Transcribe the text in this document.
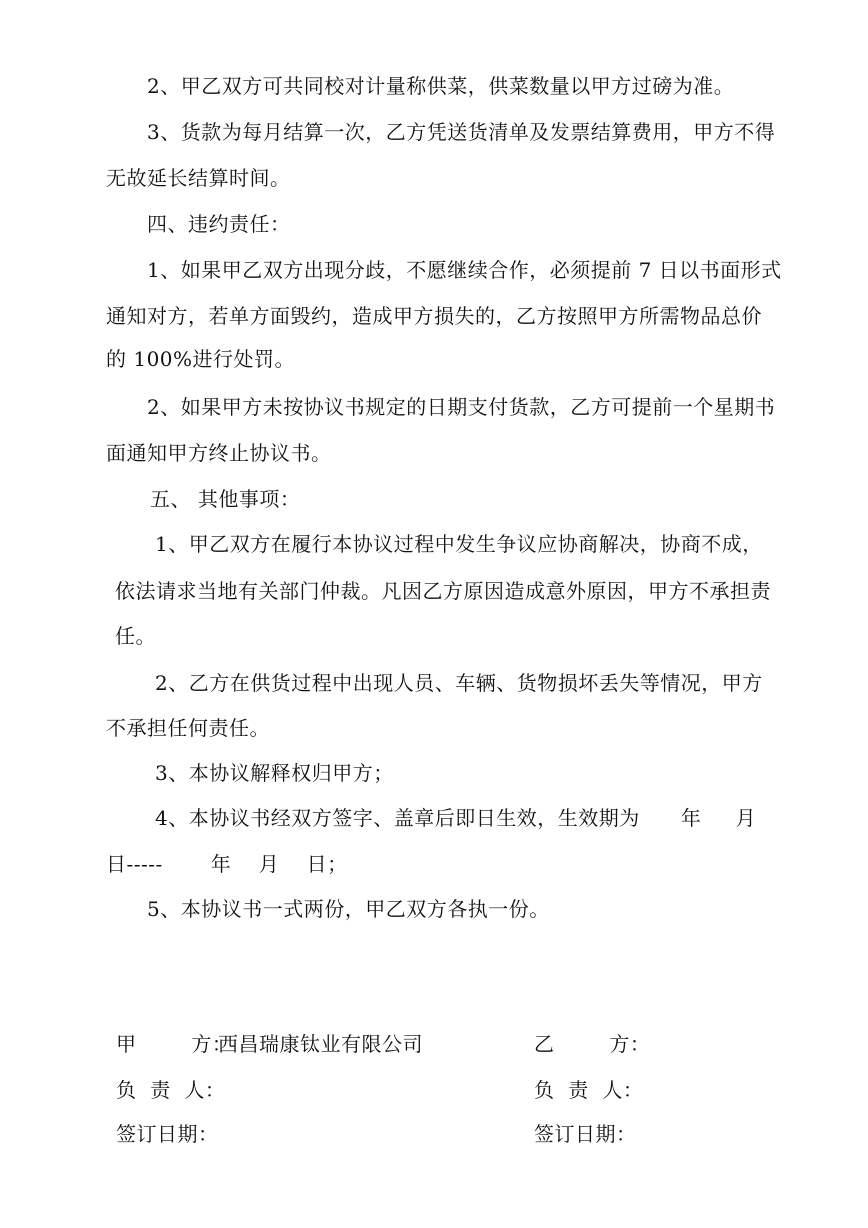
2、甲乙双方可共同校对计量称供菜，供菜数量以甲方过磅为准。
3、货款为每月结算一次，乙方凭送货清单及发票结算费用，甲方不得
无故延长结算时间。
四、违约责任：
1、如果甲乙双方出现分歧，不愿继续合作，必须提前 7 日以书面形式
通知对方，若单方面毁约，造成甲方损失的，乙方按照甲方所需物品总价
的 100%进行处罚。
2、如果甲方未按协议书规定的日期支付货款，乙方可提前一个星期书
面通知甲方终止协议书。
五、 其他事项：
1、甲乙双方在履行本协议过程中发生争议应协商解决，协商不成，
依法请求当地有关部门仲裁。凡因乙方原因造成意外原因，甲方不承担责
任。
2、乙方在供货过程中出现人员、车辆、货物损坏丢失等情况，甲方
不承担任何责任。
3、本协议解释权归甲方；
4、本协议书经双方签字、盖章后即日生效，生效期为      年     月
日-----       年    月    日；
5、本协议书一式两份，甲乙双方各执一份。
甲        方：
西昌瑞康钛业有限公司
负  责  人：
签订日期：
乙        方：
负  责  人：
签订日期：
